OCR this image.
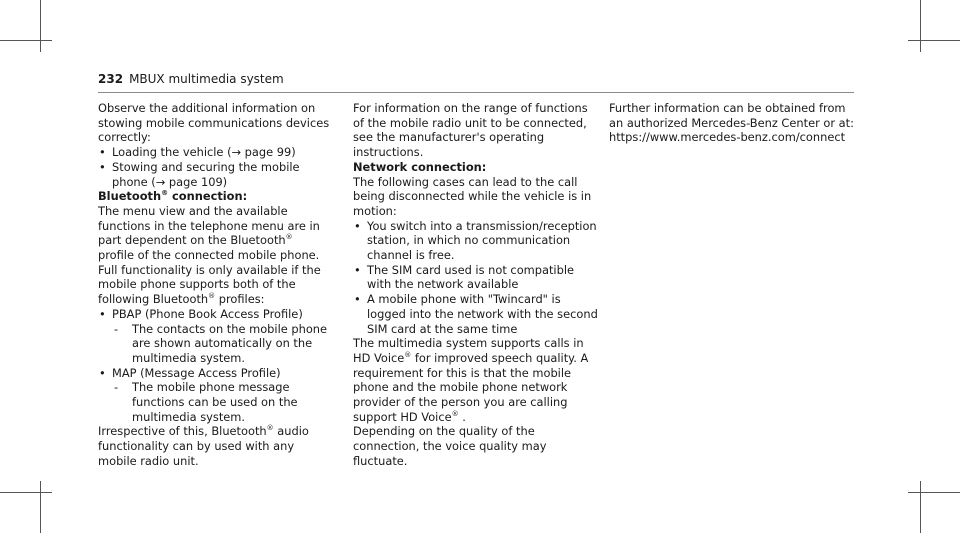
232 MBUX multimedia system

Observe the additional information on stowing mobile communications devices correctly:

• Loading the vehicle (→ page 99)

• Stowing and securing the mobile phone (→ page 109)

Bluetooth® connection:

The menu view and the available functions in the telephone menu are in part dependent on the Bluetooth® profile of the connected mobile phone. Full functionality is only available if the mobile phone supports both of the following Bluetooth® profiles:

• PBAP (Phone Book Access Profile)

- The contacts on the mobile phone are shown automatically on the multimedia system.

• MAP (Message Access Profile)

- The mobile phone message functions can be used on the multimedia system.

Irrespective of this, Bluetooth® audio functionality can by used with any mobile radio unit.

For information on the range of functions of the mobile radio unit to be connected, see the manufacturer's operating instructions.

Network connection:

The following cases can lead to the call being disconnected while the vehicle is in motion:

• You switch into a transmission/reception station, in which no communication channel is free.

• The SIM card used is not compatible with the network available

• A mobile phone with "Twincard" is logged into the network with the second SIM card at the same time

The multimedia system supports calls in HD Voice® for improved speech quality. A requirement for this is that the mobile phone and the mobile phone network provider of the person you are calling support HD Voice® .

Depending on the quality of the connection, the voice quality may fluctuate.

Further information can be obtained from an authorized Mercedes-Benz Center or at:

https://www.mercedes-benz.com/connect
